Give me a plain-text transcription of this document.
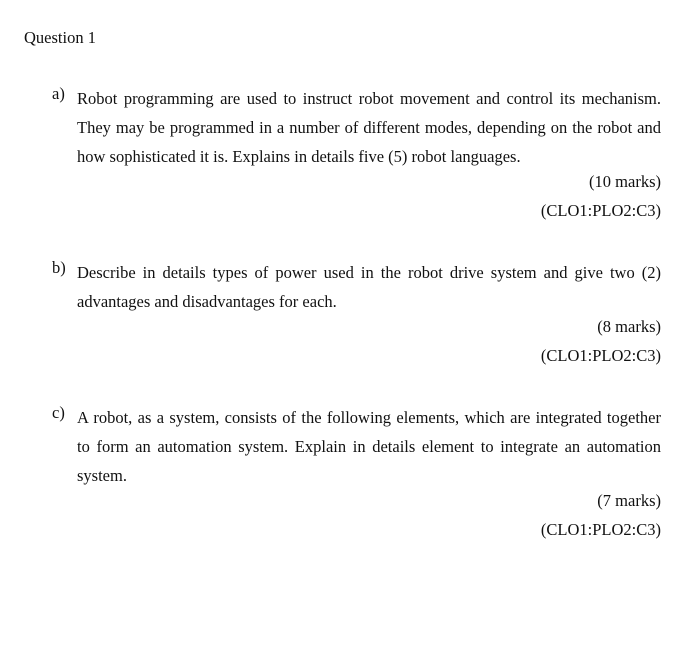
Question 1
a) Robot programming are used to instruct robot movement and control its mechanism. They may be programmed in a number of different modes, depending on the robot and how sophisticated it is. Explains in details five (5) robot languages.
(10 marks)
(CLO1:PLO2:C3)
b) Describe in details types of power used in the robot drive system and give two (2) advantages and disadvantages for each.
(8 marks)
(CLO1:PLO2:C3)
c) A robot, as a system, consists of the following elements, which are integrated together to form an automation system. Explain in details element to integrate an automation system.
(7 marks)
(CLO1:PLO2:C3)
